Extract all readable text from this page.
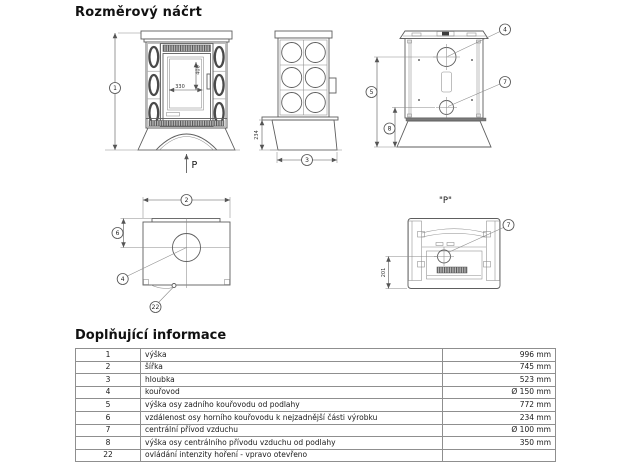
Rozměrový náčrt
400
330
1
P
234
3
4
7
5
8
2
6
4
22
"P"
201
7
Doplňující informace
1	výška	996 mm
2	šířka	745 mm
3	hloubka	523 mm
4	kouřovod	Ø 150 mm
5	výška osy zadního kouřovodu od podlahy	772 mm
6	vzdálenost osy horního kouřovodu k nejzadnější části výrobku	234 mm
7	centrální přívod vzduchu	Ø 100 mm
8	výška osy centrálního přívodu vzduchu od podlahy	350 mm
22	ovládání intenzity hoření - vpravo otevřeno	
